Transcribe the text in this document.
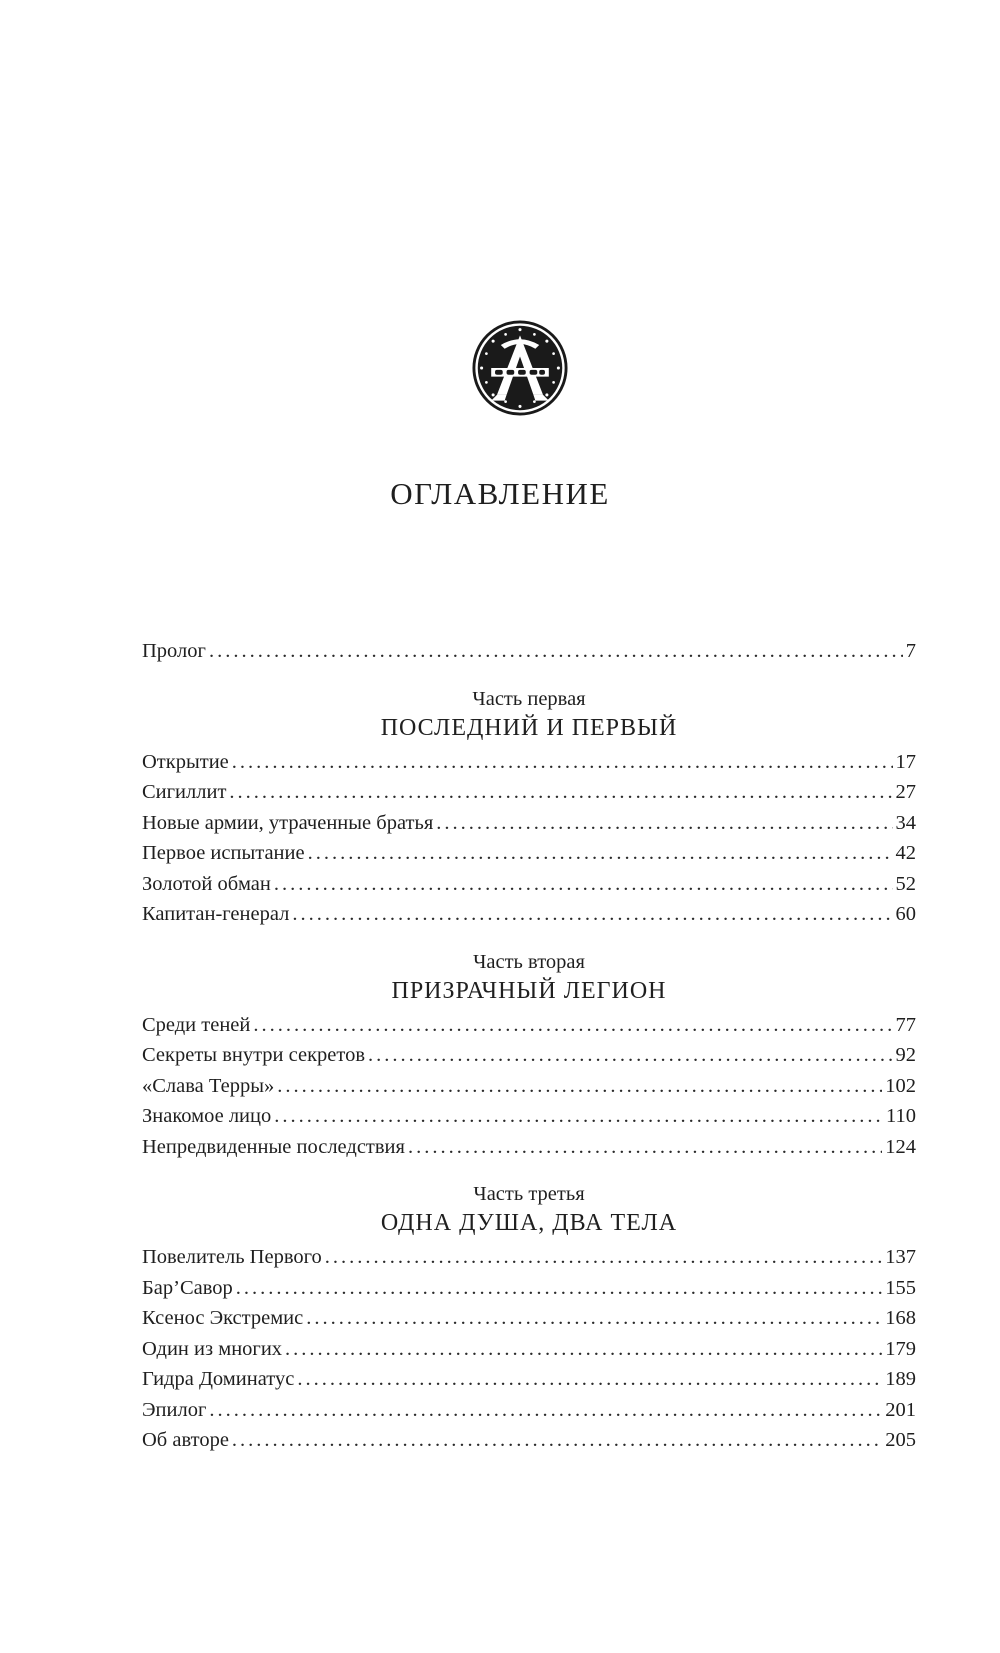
ОГЛАВЛЕНИЕ
Пролог .....	7
Часть первая
ПОСЛЕДНИЙ И ПЕРВЫЙ
Открытие .....	17
Сигиллит .....	27
Новые армии, утраченные братья .....	34
Первое испытание .....	42
Золотой обман .....	52
Капитан-генерал .....	60
Часть вторая
ПРИЗРАЧНЫЙ ЛЕГИОН
Среди теней .....	77
Секреты внутри секретов .....	92
«Слава Терры» .....	102
Знакомое лицо .....	110
Непредвиденные последствия .....	124
Часть третья
ОДНА ДУША, ДВА ТЕЛА
Повелитель Первого .....	137
Бар’Савор .....	155
Ксенос Экстремис .....	168
Один из многих .....	179
Гидра Доминатус .....	189
Эпилог .....	201
Об авторе .....	205
